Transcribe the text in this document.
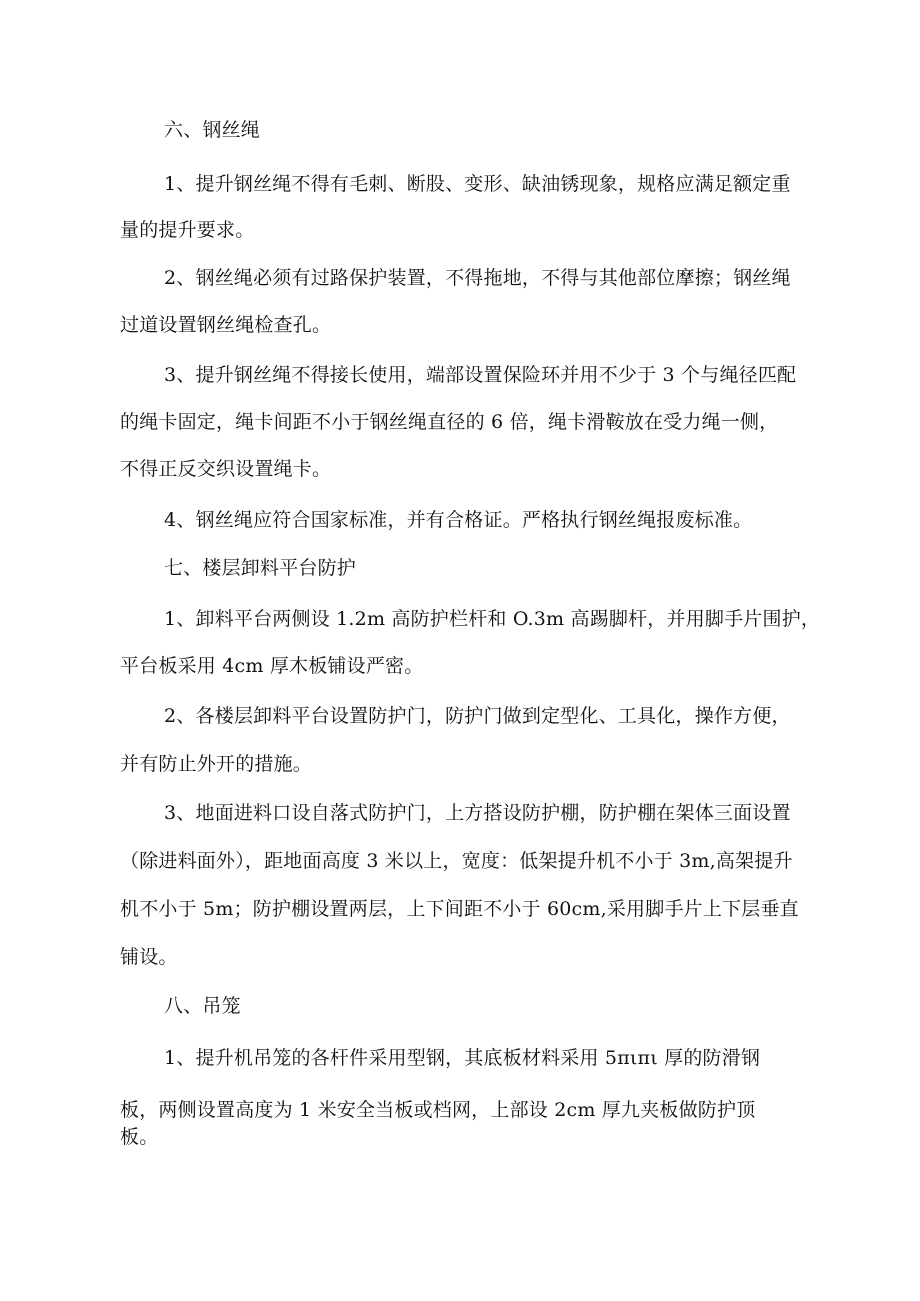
六、钢丝绳
1、提升钢丝绳不得有毛刺、断股、变形、缺油锈现象，规格应满足额定重
量的提升要求。
2、钢丝绳必须有过路保护装置，不得拖地，不得与其他部位摩擦；钢丝绳
过道设置钢丝绳检查孔。
3、提升钢丝绳不得接长使用，端部设置保险环并用不少于 3 个与绳径匹配
的绳卡固定，绳卡间距不小于钢丝绳直径的 6 倍，绳卡滑鞍放在受力绳一侧，
不得正反交织设置绳卡。
4、钢丝绳应符合国家标准，并有合格证。严格执行钢丝绳报废标准。
七、楼层卸料平台防护
1、卸料平台两侧设 1.2m 高防护栏杆和 O.3m 高踢脚杆，并用脚手片围护，
平台板采用 4cm 厚木板铺设严密。
2、各楼层卸料平台设置防护门，防护门做到定型化、工具化，操作方便，
并有防止外开的措施。
3、地面进料口设自落式防护门，上方搭设防护棚，防护棚在架体三面设置
（除进料面外），距地面高度 3 米以上，宽度：低架提升机不小于 3m,高架提升
机不小于 5m；防护棚设置两层，上下间距不小于 60cm,采用脚手片上下层垂直
铺设。
八、吊笼
1、提升机吊笼的各杆件采用型钢，其底板材料采用 5πιπι 厚的防滑钢
板，两侧设置高度为 1 米安全当板或档网，上部设 2cm 厚九夹板做防护顶
板。
